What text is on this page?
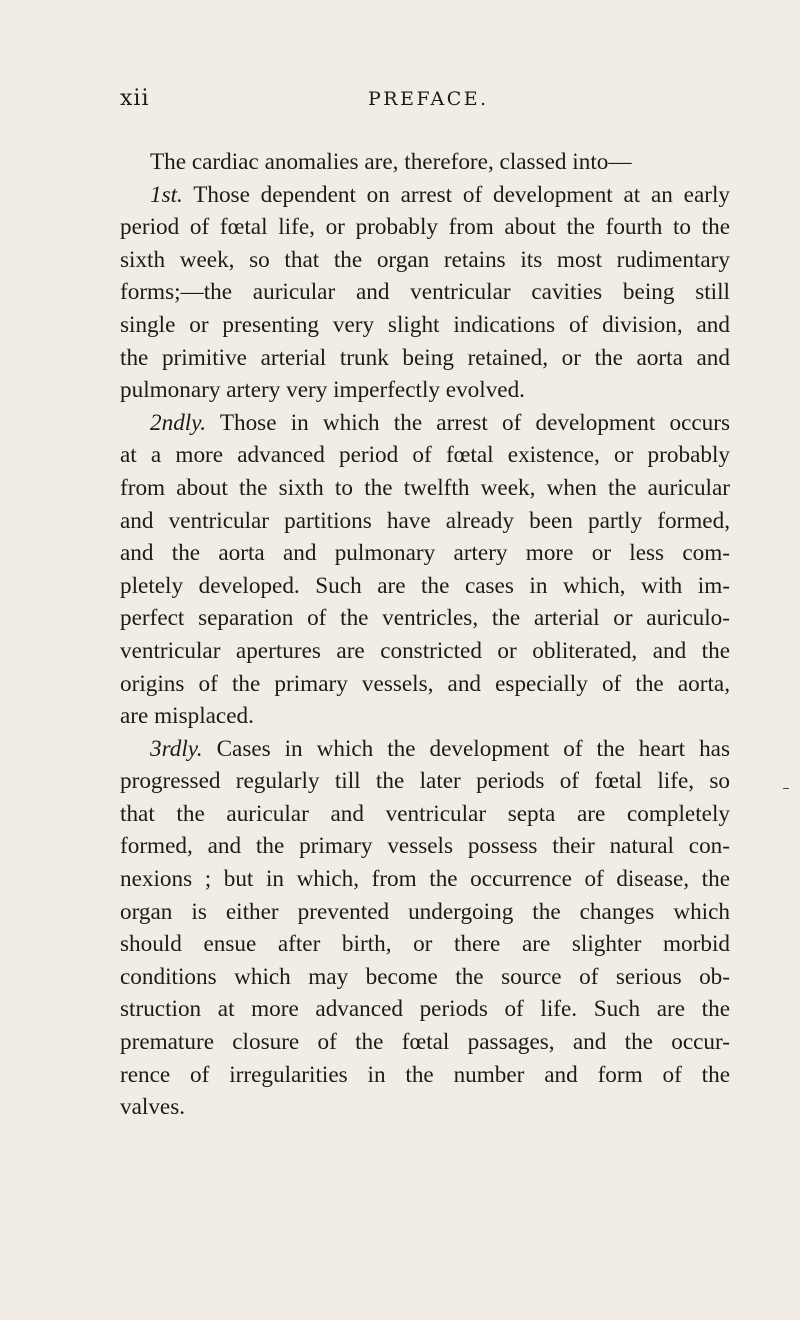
xii	PREFACE.

The cardiac anomalies are, therefore, classed into—

1st. Those dependent on arrest of development at an early
period of fœtal life, or probably from about the fourth to the
sixth week, so that the organ retains its most rudimentary
forms;—the auricular and ventricular cavities being still
single or presenting very slight indications of division, and
the primitive arterial trunk being retained, or the aorta and
pulmonary artery very imperfectly evolved.

2ndly. Those in which the arrest of development occurs
at a more advanced period of fœtal existence, or probably
from about the sixth to the twelfth week, when the auricular
and ventricular partitions have already been partly formed,
and the aorta and pulmonary artery more or less com-
pletely developed. Such are the cases in which, with im-
perfect separation of the ventricles, the arterial or auriculo-
ventricular apertures are constricted or obliterated, and the
origins of the primary vessels, and especially of the aorta,
are misplaced.

3rdly. Cases in which the development of the heart has
progressed regularly till the later periods of fœtal life, so
that the auricular and ventricular septa are completely
formed, and the primary vessels possess their natural con-
nexions ; but in which, from the occurrence of disease, the
organ is either prevented undergoing the changes which
should ensue after birth, or there are slighter morbid
conditions which may become the source of serious ob-
struction at more advanced periods of life. Such are the
premature closure of the fœtal passages, and the occur-
rence of irregularities in the number and form of the
valves.
